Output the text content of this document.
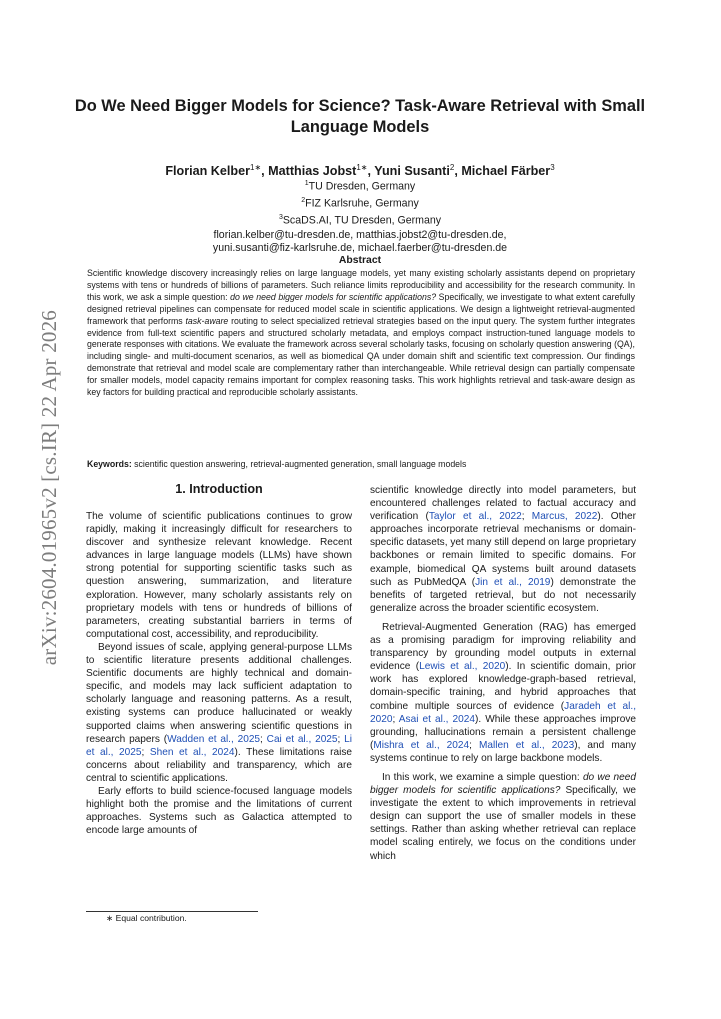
arXiv:2604.01965v2 [cs.IR] 22 Apr 2026
Do We Need Bigger Models for Science? Task-Aware Retrieval with Small Language Models
Florian Kelber$^{1∗}$, Matthias Jobst$^{1∗}$, Yuni Susanti$^2$, Michael Färber$^3$
$^1$TU Dresden, Germany
$^2$FIZ Karlsruhe, Germany
$^3$ScaDS.AI, TU Dresden, Germany
florian.kelber@tu-dresden.de, matthias.jobst2@tu-dresden.de,
yuni.susanti@fiz-karlsruhe.de, michael.faerber@tu-dresden.de
Abstract
Scientific knowledge discovery increasingly relies on large language models, yet many existing scholarly assistants depend on proprietary systems with tens or hundreds of billions of parameters. Such reliance limits reproducibility and accessibility for the research community. In this work, we ask a simple question: do we need bigger models for scientific applications? Specifically, we investigate to what extent carefully designed retrieval pipelines can compensate for reduced model scale in scientific applications. We design a lightweight retrieval-augmented framework that performs task-aware routing to select specialized retrieval strategies based on the input query. The system further integrates evidence from full-text scientific papers and structured scholarly metadata, and employs compact instruction-tuned language models to generate responses with citations. We evaluate the framework across several scholarly tasks, focusing on scholarly question answering (QA), including single- and multi-document scenarios, as well as biomedical QA under domain shift and scientific text compression. Our findings demonstrate that retrieval and model scale are complementary rather than interchangeable. While retrieval design can partially compensate for smaller models, model capacity remains important for complex reasoning tasks. This work highlights retrieval and task-aware design as key factors for building practical and reproducible scholarly assistants.
Keywords: scientific question answering, retrieval-augmented generation, small language models
1. Introduction

The volume of scientific publications continues to grow rapidly, making it increasingly difficult for researchers to discover and synthesize relevant knowledge. Recent advances in large language models (LLMs) have shown strong potential for supporting scientific tasks such as question answering, summarization, and literature exploration. However, many scholarly assistants rely on proprietary models with tens or hundreds of billions of parameters, creating substantial barriers in terms of computational cost, accessibility, and reproducibility.

Beyond issues of scale, applying general-purpose LLMs to scientific literature presents additional challenges. Scientific documents are highly technical and domain-specific, and models may lack sufficient adaptation to scholarly language and reasoning patterns. As a result, existing systems can produce hallucinated or weakly supported claims when answering scientific questions in research papers (Wadden et al., 2025; Cai et al., 2025; Li et al., 2025; Shen et al., 2024). These limitations raise concerns about reliability and transparency, which are central to scientific applications.

Early efforts to build science-focused language models highlight both the promise and the limitations of current approaches. Systems such as Galactica attempted to encode large amounts of

∗ Equal contribution.

scientific knowledge directly into model parameters, but encountered challenges related to factual accuracy and verification (Taylor et al., 2022; Marcus, 2022). Other approaches incorporate retrieval mechanisms or domain-specific datasets, yet many still depend on large proprietary backbones or remain limited to specific domains. For example, biomedical QA systems built around datasets such as PubMedQA (Jin et al., 2019) demonstrate the benefits of targeted retrieval, but do not necessarily generalize across the broader scientific ecosystem.

Retrieval-Augmented Generation (RAG) has emerged as a promising paradigm for improving reliability and transparency by grounding model outputs in external evidence (Lewis et al., 2020). In scientific domain, prior work has explored knowledge-graph-based retrieval, domain-specific training, and hybrid approaches that combine multiple sources of evidence (Jaradeh et al., 2020; Asai et al., 2024). While these approaches improve grounding, hallucinations remain a persistent challenge (Mishra et al., 2024; Mallen et al., 2023), and many systems continue to rely on large backbone models.

In this work, we examine a simple question: do we need bigger models for scientific applications? Specifically, we investigate the extent to which improvements in retrieval design can support the use of smaller models in these settings. Rather than asking whether retrieval can replace model scaling entirely, we focus on the conditions under which
